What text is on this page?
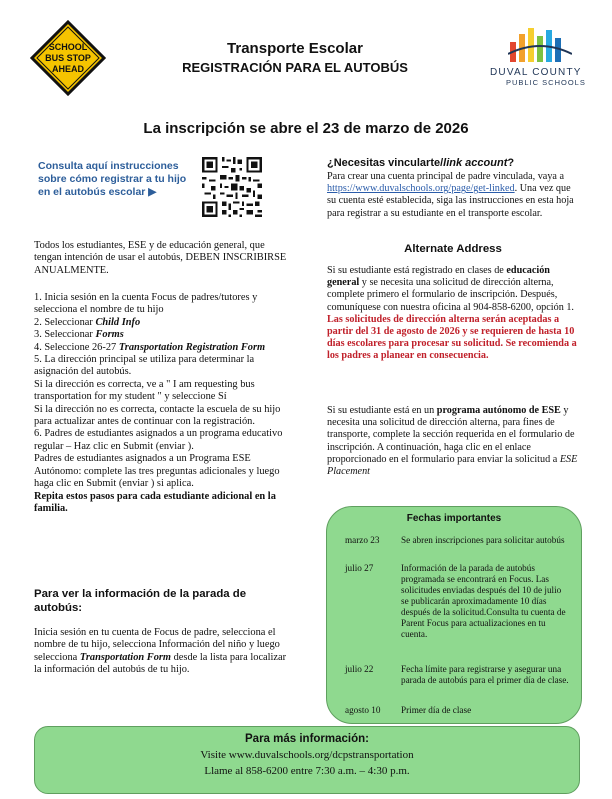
SCHOOL
BUS STOP
AHEAD
Transporte Escolar
REGISTRACIÓN PARA EL AUTOBÚS	DUVAL COUNTY
PUBLIC SCHOOLS
La inscripción se abre el 23 de marzo de 2026
Consulta aquí instrucciones sobre cómo registrar a tu hijo en el autobús escolar ▶
Todos los estudiantes, ESE y de educación general, que tengan intención de usar el autobús, DEBEN INSCRIBIRSE ANUALMENTE.

1. Inicia sesión en la cuenta Focus de padres/tutores y selecciona el nombre de tu hijo

2. Seleccionar Child Info

3. Seleccionar Forms

4. Seleccione 26-27 Transportation Registration Form

5. La dirección principal se utiliza para determinar la asignación del autobús.

Si la dirección es correcta, ve a " I am requesting bus transportation for my student " y seleccione Sí

Si la dirección no es correcta, contacte la escuela de su hijo para actualizar antes de continuar con la registración.

6. Padres de estudiantes asignados a un programa educativo regular – Haz clic en Submit (enviar ).

Padres de estudiantes asignados a un Programa ESE Autónomo: complete las tres preguntas adicionales y luego haga clic en Submit (enviar ) si aplica.

Repita estos pasos para cada estudiante adicional en la familia.

Para ver la información de la parada de autobús:
Inicia sesión en tu cuenta de Focus de padre, selecciona el nombre de tu hijo, selecciona Información del niño y luego selecciona Transportation Form desde la lista para localizar la información del autobús de tu hijo.
¿Necesitas vincularte/link account?
Para crear una cuenta principal de padre vinculada, vaya a https://www.duvalschools.org/page/get-linked. Una vez que su cuenta esté establecida, siga las instrucciones en esta hoja para registrar a su estudiante en el transporte escolar.
Alternate Address

Si su estudiante está registrado en clases de educación general y se necesita una solicitud de dirección alterna, complete primero el formulario de inscripción. Después, comuníquese con nuestra oficina al 904-858-6200, opción 1.

Las solicitudes de dirección alterna serán aceptadas a partir del 31 de agosto de 2026 y se requieren de hasta 10 días escolares para procesar su solicitud. Se recomienda a los padres a planear en consecuencia.

Si su estudiante está en un programa autónomo de ESE y necesita una solicitud de dirección alterna, para fines de transporte, complete la sección requerida en el formulario de inscripción. A continuación, haga clic en el enlace proporcionado en el formulario para enviar la solicitud a ESE Placement
Fechas importantes
marzo 23	Se abren inscripciones para solicitar autobús
julio 27	Información de la parada de autobús programada se encontrará en Focus. Las solicitudes enviadas después del 10 de julio se publicarán aproximadamente 10 días después de la solicitud.Consulta tu cuenta de Parent Focus para actualizaciones en tu cuenta.
julio 22	Fecha límite para registrarse y asegurar una parada de autobús para el primer día de clase.
agosto 10	Primer día de clase
Para más información:
Visite www.duvalschools.org/dcpstransportation
Llame al 858-6200 entre 7:30 a.m. – 4:30 p.m.
